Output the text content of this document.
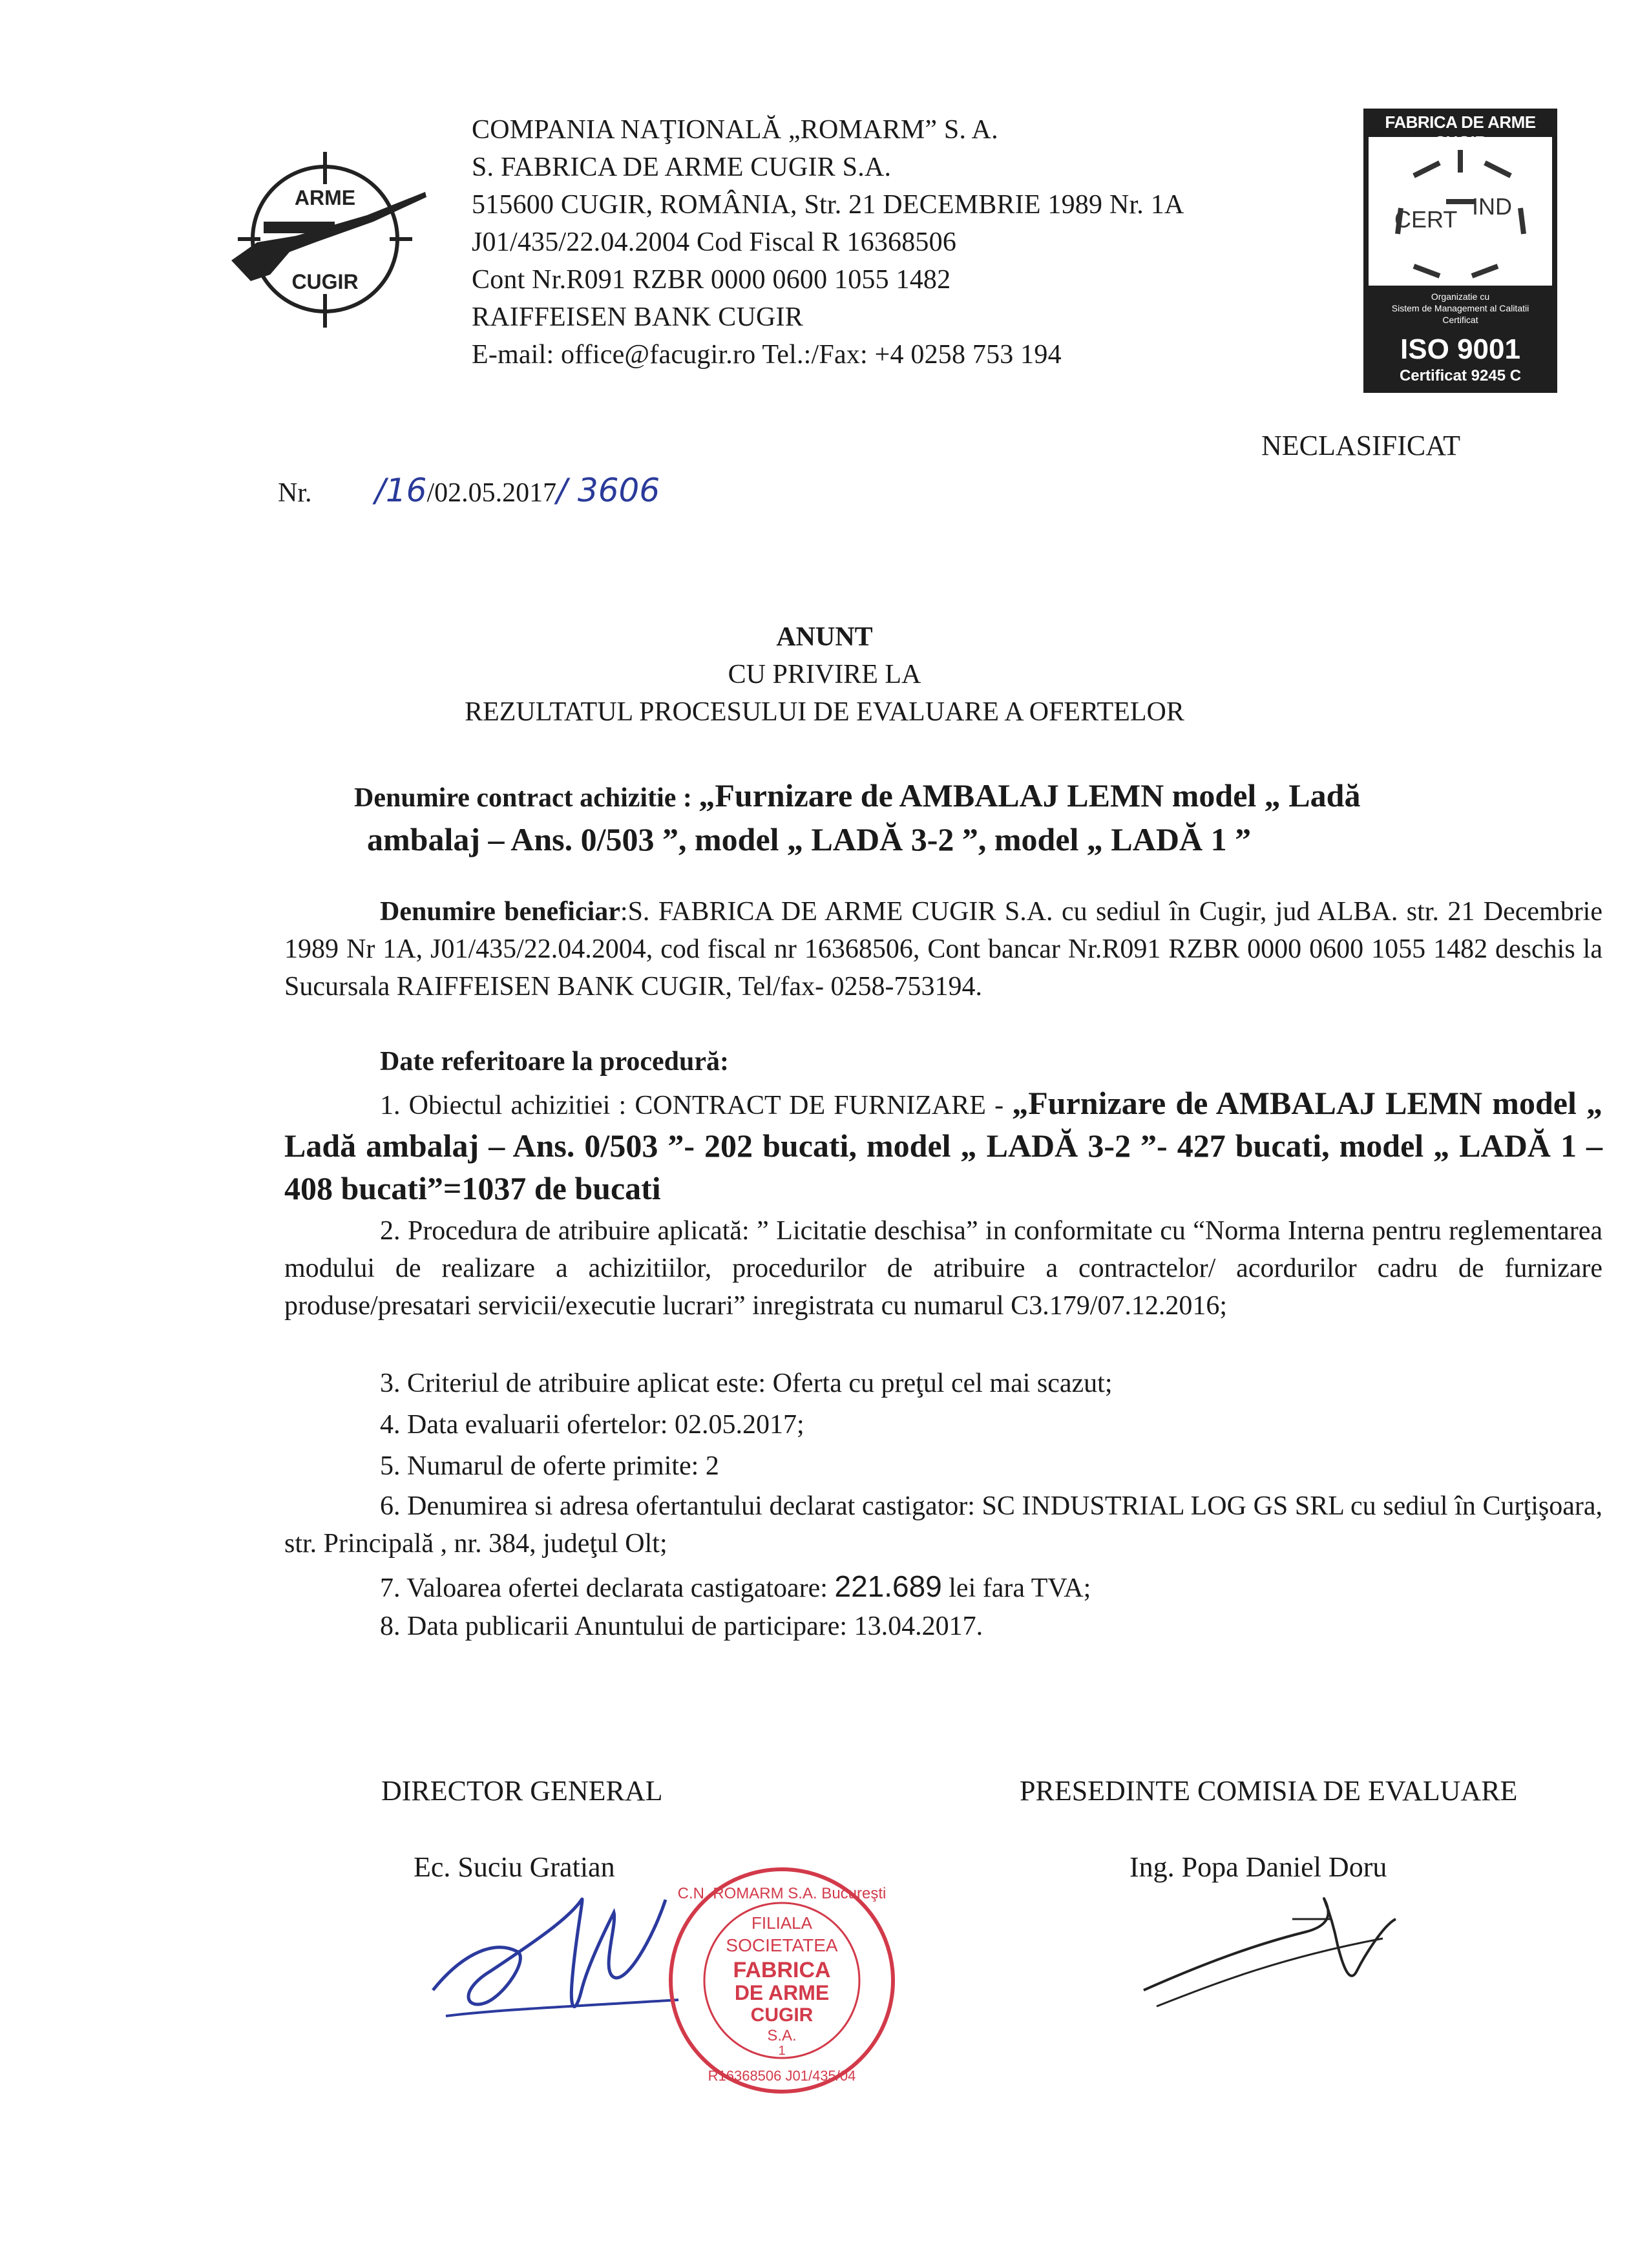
ARME
CUGIR
COMPANIA NAŢIONALĂ „ROMARM” S. A.
S. FABRICA DE ARME CUGIR S.A.
515600 CUGIR, ROMÂNIA, Str. 21 DECEMBRIE 1989 Nr. 1A
J01/435/22.04.2004 Cod Fiscal R 16368506
Cont Nr.R091 RZBR 0000 0600 1055 1482
RAIFFEISEN BANK CUGIR
E-mail: office@facugir.ro Tel.:/Fax: +4 0258 753 194
FABRICA DE ARME CUGIR
CERT IND
Organizatie cu
Sistem de Management al Calitatii
Certificat
ISO 9001
Certificat 9245 C
NECLASIFICAT
Nr. /16/02.05.2017/ 3606
ANUNT
CU PRIVIRE LA
REZULTATUL PROCESULUI DE EVALUARE A OFERTELOR
Denumire contract achizitie : „Furnizare de AMBALAJ LEMN model „ Ladă
ambalaj – Ans. 0/503 ”, model „ LADĂ 3-2 ”, model „ LADĂ 1 ”
Denumire beneficiar:S. FABRICA DE ARME CUGIR S.A. cu sediul în Cugir, jud ALBA. str. 21 Decembrie 1989 Nr 1A, J01/435/22.04.2004, cod fiscal nr 16368506, Cont bancar Nr.R091 RZBR 0000 0600 1055 1482 deschis la Sucursala RAIFFEISEN BANK CUGIR, Tel/fax- 0258-753194.
Date referitoare la procedură:
1. Obiectul achizitiei : CONTRACT DE FURNIZARE - „Furnizare de AMBALAJ LEMN model „ Ladă ambalaj – Ans. 0/503 ”- 202 bucati, model „ LADĂ 3-2 ”- 427 bucati, model „ LADĂ 1 – 408 bucati”=1037 de bucati
2. Procedura de atribuire aplicată: ” Licitatie deschisa” in conformitate cu “Norma Interna pentru reglementarea modului de realizare a achizitiilor, procedurilor de atribuire a contractelor/ acordurilor cadru de furnizare produse/presatari servicii/executie lucrari” inregistrata cu numarul C3.179/07.12.2016;
3. Criteriul de atribuire aplicat este: Oferta cu preţul cel mai scazut;
4. Data evaluarii ofertelor: 02.05.2017;
5. Numarul de oferte primite: 2
6. Denumirea si adresa ofertantului declarat castigator: SC INDUSTRIAL LOG GS SRL cu sediul în Curţişoara, str. Principală , nr. 384, judeţul Olt;
7. Valoarea ofertei declarata castigatoare: 221.689 lei fara TVA;
8. Data publicarii Anuntului de participare: 13.04.2017.
DIRECTOR GENERAL
Ec. Suciu Gratian
PRESEDINTE COMISIA DE EVALUARE
Ing. Popa Daniel Doru
C.N. ROMARM S.A. Bucureşti
FILIALA
SOCIETATEA
FABRICA
DE ARME
CUGIR
S.A.
1
R16368506 J01/435/04
